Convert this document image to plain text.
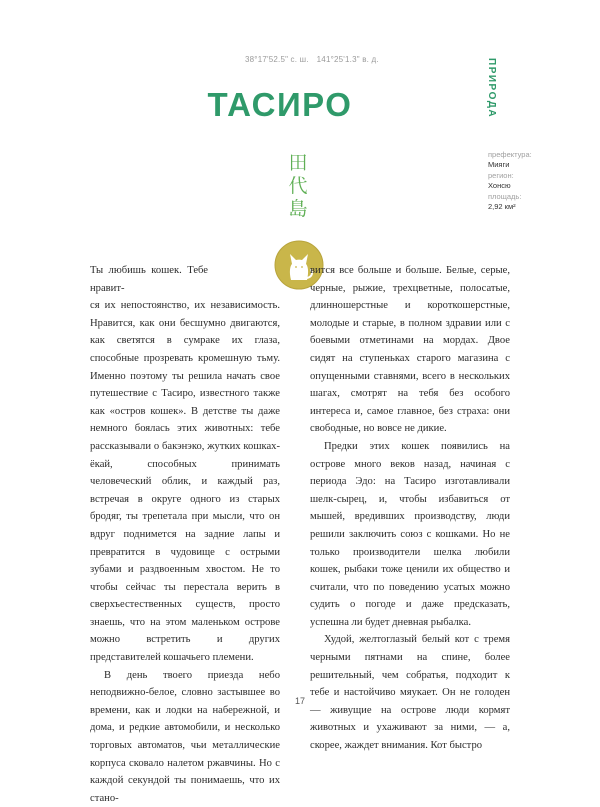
38°17'52.5" с. ш. 141°25'1.3" в. д.	ПРИРОДА
ТАСИРО
田
代
島
префектура:
Мияги
регион:
Хонсю
площадь:
2,92 км²

Ты любишь кошек. Тебе нравит-
ся их непостоянство, их независимость. Нравится, как они бесшумно двигаются, как светятся в сумраке их глаза, способные прозревать кромешную тьму. Именно поэтому ты решила начать свое путешествие с Тасиро, известного также как «остров кошек». В детстве ты даже немного боялась этих животных: тебе рассказывали о бакэнэко, жутких кошках-ёкай, способных принимать человеческий облик, и каждый раз, встречая в округе одного из старых бродяг, ты трепетала при мысли, что он вдруг поднимется на задние лапы и превратится в чудовище с острыми зубами и раздвоенным хвостом. Не то чтобы сейчас ты перестала верить в сверхъестественных существ, просто знаешь, что на этом маленьком острове можно встретить и других представителей кошачьего племени.

В день твоего приезда небо неподвижно-белое, словно застывшее во времени, как и лодки на набережной, и дома, и редкие автомобили, и несколько торговых автоматов, чьи металлические корпуса сковало налетом ржавчины. Но с каждой секундой ты понимаешь, что их стано-

вится все больше и больше. Белые, серые, черные, рыжие, трехцветные, полосатые, длинношерстные и короткошерстные, молодые и старые, в полном здравии или с боевыми отметинами на мордах. Двое сидят на ступеньках старого магазина с опущенными ставнями, всего в нескольких шагах, смотрят на тебя без особого интереса и, самое главное, без страха: они свободные, но вовсе не дикие.

Предки этих кошек появились на острове много веков назад, начиная с периода Эдо: на Тасиро изготавливали шелк-сырец, и, чтобы избавиться от мышей, вредивших производству, люди решили заключить союз с кошками. Но не только производители шелка любили кошек, рыбаки тоже ценили их общество и считали, что по поведению усатых можно судить о погоде и даже предсказать, успешна ли будет дневная рыбалка.

Худой, желтоглазый белый кот с тремя черными пятнами на спине, более решительный, чем собратья, подходит к тебе и настойчиво мяукает. Он не голоден — живущие на острове люди кормят животных и ухаживают за ними, — а, скорее, жаждет внимания. Кот быстро

17
